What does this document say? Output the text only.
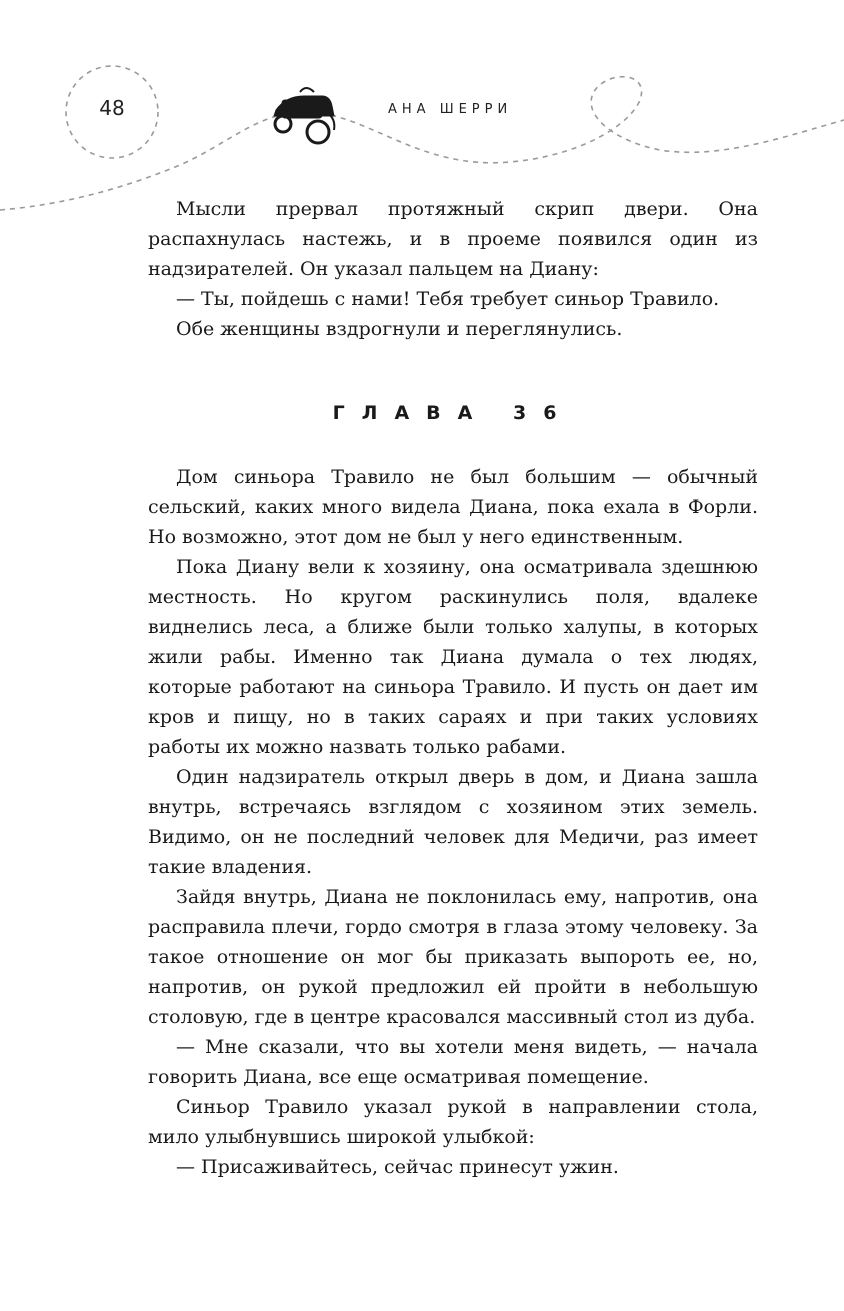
48	АНА ШЕРРИ

Мысли прервал протяжный скрип двери. Она распахнулась настежь, и в проеме появился один из надзирателей. Он указал пальцем на Диану:

— Ты, пойдешь с нами! Тебя требует синьор Травило.

Обе женщины вздрогнули и переглянулись.

ГЛАВА 36

Дом синьора Травило не был большим — обычный сельский, каких много видела Диана, пока ехала в Форли. Но возможно, этот дом не был у него единственным.

Пока Диану вели к хозяину, она осматривала здешнюю местность. Но кругом раскинулись поля, вдалеке виднелись леса, а ближе были только халупы, в которых жили рабы. Именно так Диана думала о тех людях, которые работают на синьора Травило. И пусть он дает им кров и пищу, но в таких сараях и при таких условиях работы их можно назвать только рабами.

Один надзиратель открыл дверь в дом, и Диана зашла внутрь, встречаясь взглядом с хозяином этих земель. Видимо, он не последний человек для Медичи, раз имеет такие владения.

Зайдя внутрь, Диана не поклонилась ему, напротив, она расправила плечи, гордо смотря в глаза этому человеку. За такое отношение он мог бы приказать выпороть ее, но, напротив, он рукой предложил ей пройти в небольшую столовую, где в центре красовался массивный стол из дуба.

— Мне сказали, что вы хотели меня видеть, — начала говорить Диана, все еще осматривая помещение.

Синьор Травило указал рукой в направлении стола, мило улыбнувшись широкой улыбкой:

— Присаживайтесь, сейчас принесут ужин.
